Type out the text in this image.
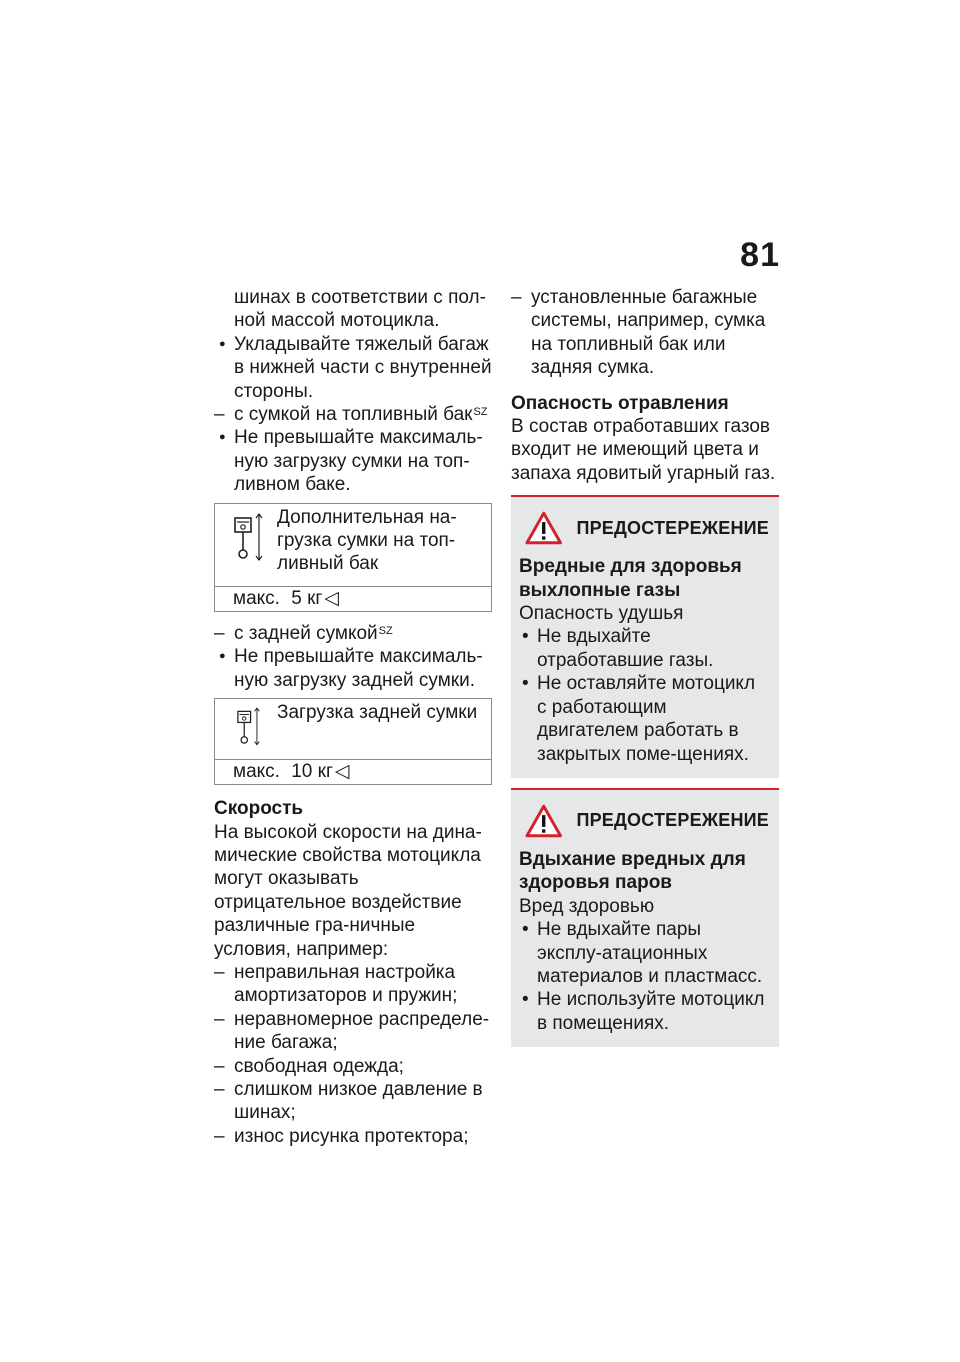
81

шинах в соответствии с пол-

ной массой мотоцикла.

● Укладывайте тяжелый багаж в нижней части с внутренней стороны.
– с сумкой на топливный бак$^{SZ}$
● Не превышайте максималь-ную загрузку сумки на топ-ливном баке.

Дополнительная на-грузка сумки на топ-ливный бак

макс. 5 кг ◁
– с задней сумкой$^{SZ}$
● Не превышайте максималь-ную загрузку задней сумки.

Загрузка задней сумки

макс. 10 кг ◁

Скорость

На высокой скорости на дина-мические свойства мотоцикла могут оказывать отрицательное воздействие различные гра-ничные условия, например:

– неправильная настройка амортизаторов и пружин;
– неравномерное распределе-ние багажа;
– свободная одежда;
– слишком низкое давление в шинах;
– износ рисунка протектора;
– установленные багажные системы, например, сумка на топливный бак или задняя сумка.

Опасность отравления

В состав отработавших газов входит не имеющий цвета и запаха ядовитый угарный газ.

ПРЕДОСТЕРЕЖЕНИЕ

Вредные для здоровья выхлопные газы

Опасность удушья

• Не вдыхайте отработавшие газы.
• Не оставляйте мотоцикл с работающим двигателем работать в закрытых поме-щениях.
ПРЕДОСТЕРЕЖЕНИЕ

Вдыхание вредных для здоровья паров

Вред здоровью

• Не вдыхайте пары эксплу-атационных материалов и пластмасс.
• Не используйте мотоцикл в помещениях.
